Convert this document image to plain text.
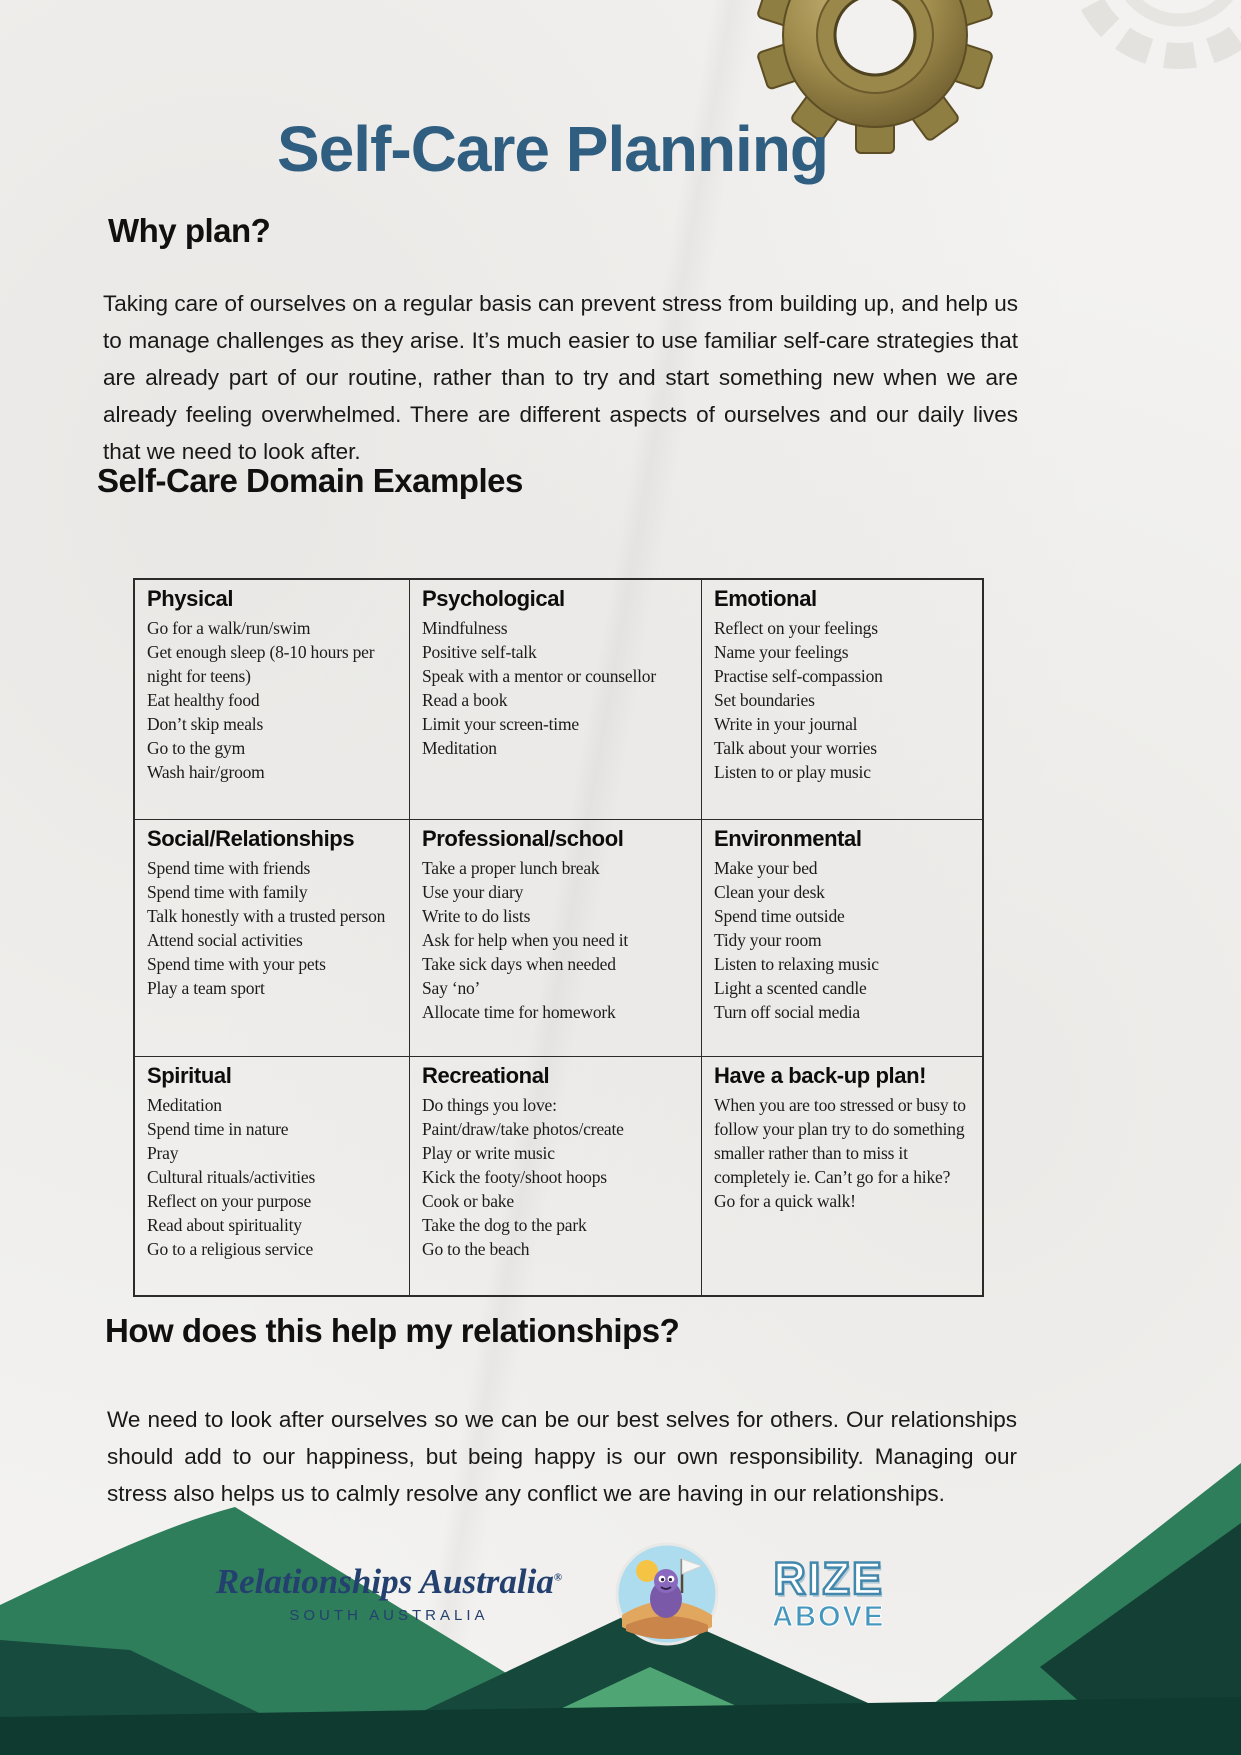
Self-Care Planning
Why plan?

Taking care of ourselves on a regular basis can prevent stress from building up, and help us to manage challenges as they arise. It’s much easier to use familiar self-care strategies that are already part of our routine, rather than to try and start something new when we are already feeling overwhelmed. There are different aspects of ourselves and our daily lives that we need to look after.

Self-Care Domain Examples
Physical
Go for a walk/run/swim
Get enough sleep (8-10 hours per night for teens)
Eat healthy food
Don’t skip meals
Go to the gym
Wash hair/groom
Psychological
Mindfulness
Positive self-talk
Speak with a mentor or counsellor
Read a book
Limit your screen-time
Meditation
Emotional
Reflect on your feelings
Name your feelings
Practise self-compassion
Set boundaries
Write in your journal
Talk about your worries
Listen to or play music
Social/Relationships
Spend time with friends
Spend time with family
Talk honestly with a trusted person
Attend social activities
Spend time with your pets
Play a team sport
Professional/school
Take a proper lunch break
Use your diary
Write to do lists
Ask for help when you need it
Take sick days when needed
Say ‘no’
Allocate time for homework
Environmental
Make your bed
Clean your desk
Spend time outside
Tidy your room
Listen to relaxing music
Light a scented candle
Turn off social media
Spiritual
Meditation
Spend time in nature
Pray
Cultural rituals/activities
Reflect on your purpose
Read about spirituality
Go to a religious service
Recreational
Do things you love:
Paint/draw/take photos/create
Play or write music
Kick the footy/shoot hoops
Cook or bake
Take the dog to the park
Go to the beach
Have a back-up plan!
When you are too stressed or busy to follow your plan try to do something smaller rather than to miss it completely ie. Can’t go for a hike? Go for a quick walk!
How does this help my relationships?

We need to look after ourselves so we can be our best selves for others. Our relationships should add to our happiness, but being happy is our own responsibility. Managing our stress also helps us to calmly resolve any conflict we are having in our relationships.

Relationships Australia®
SOUTH AUSTRALIA
RIZE
ABOVE
